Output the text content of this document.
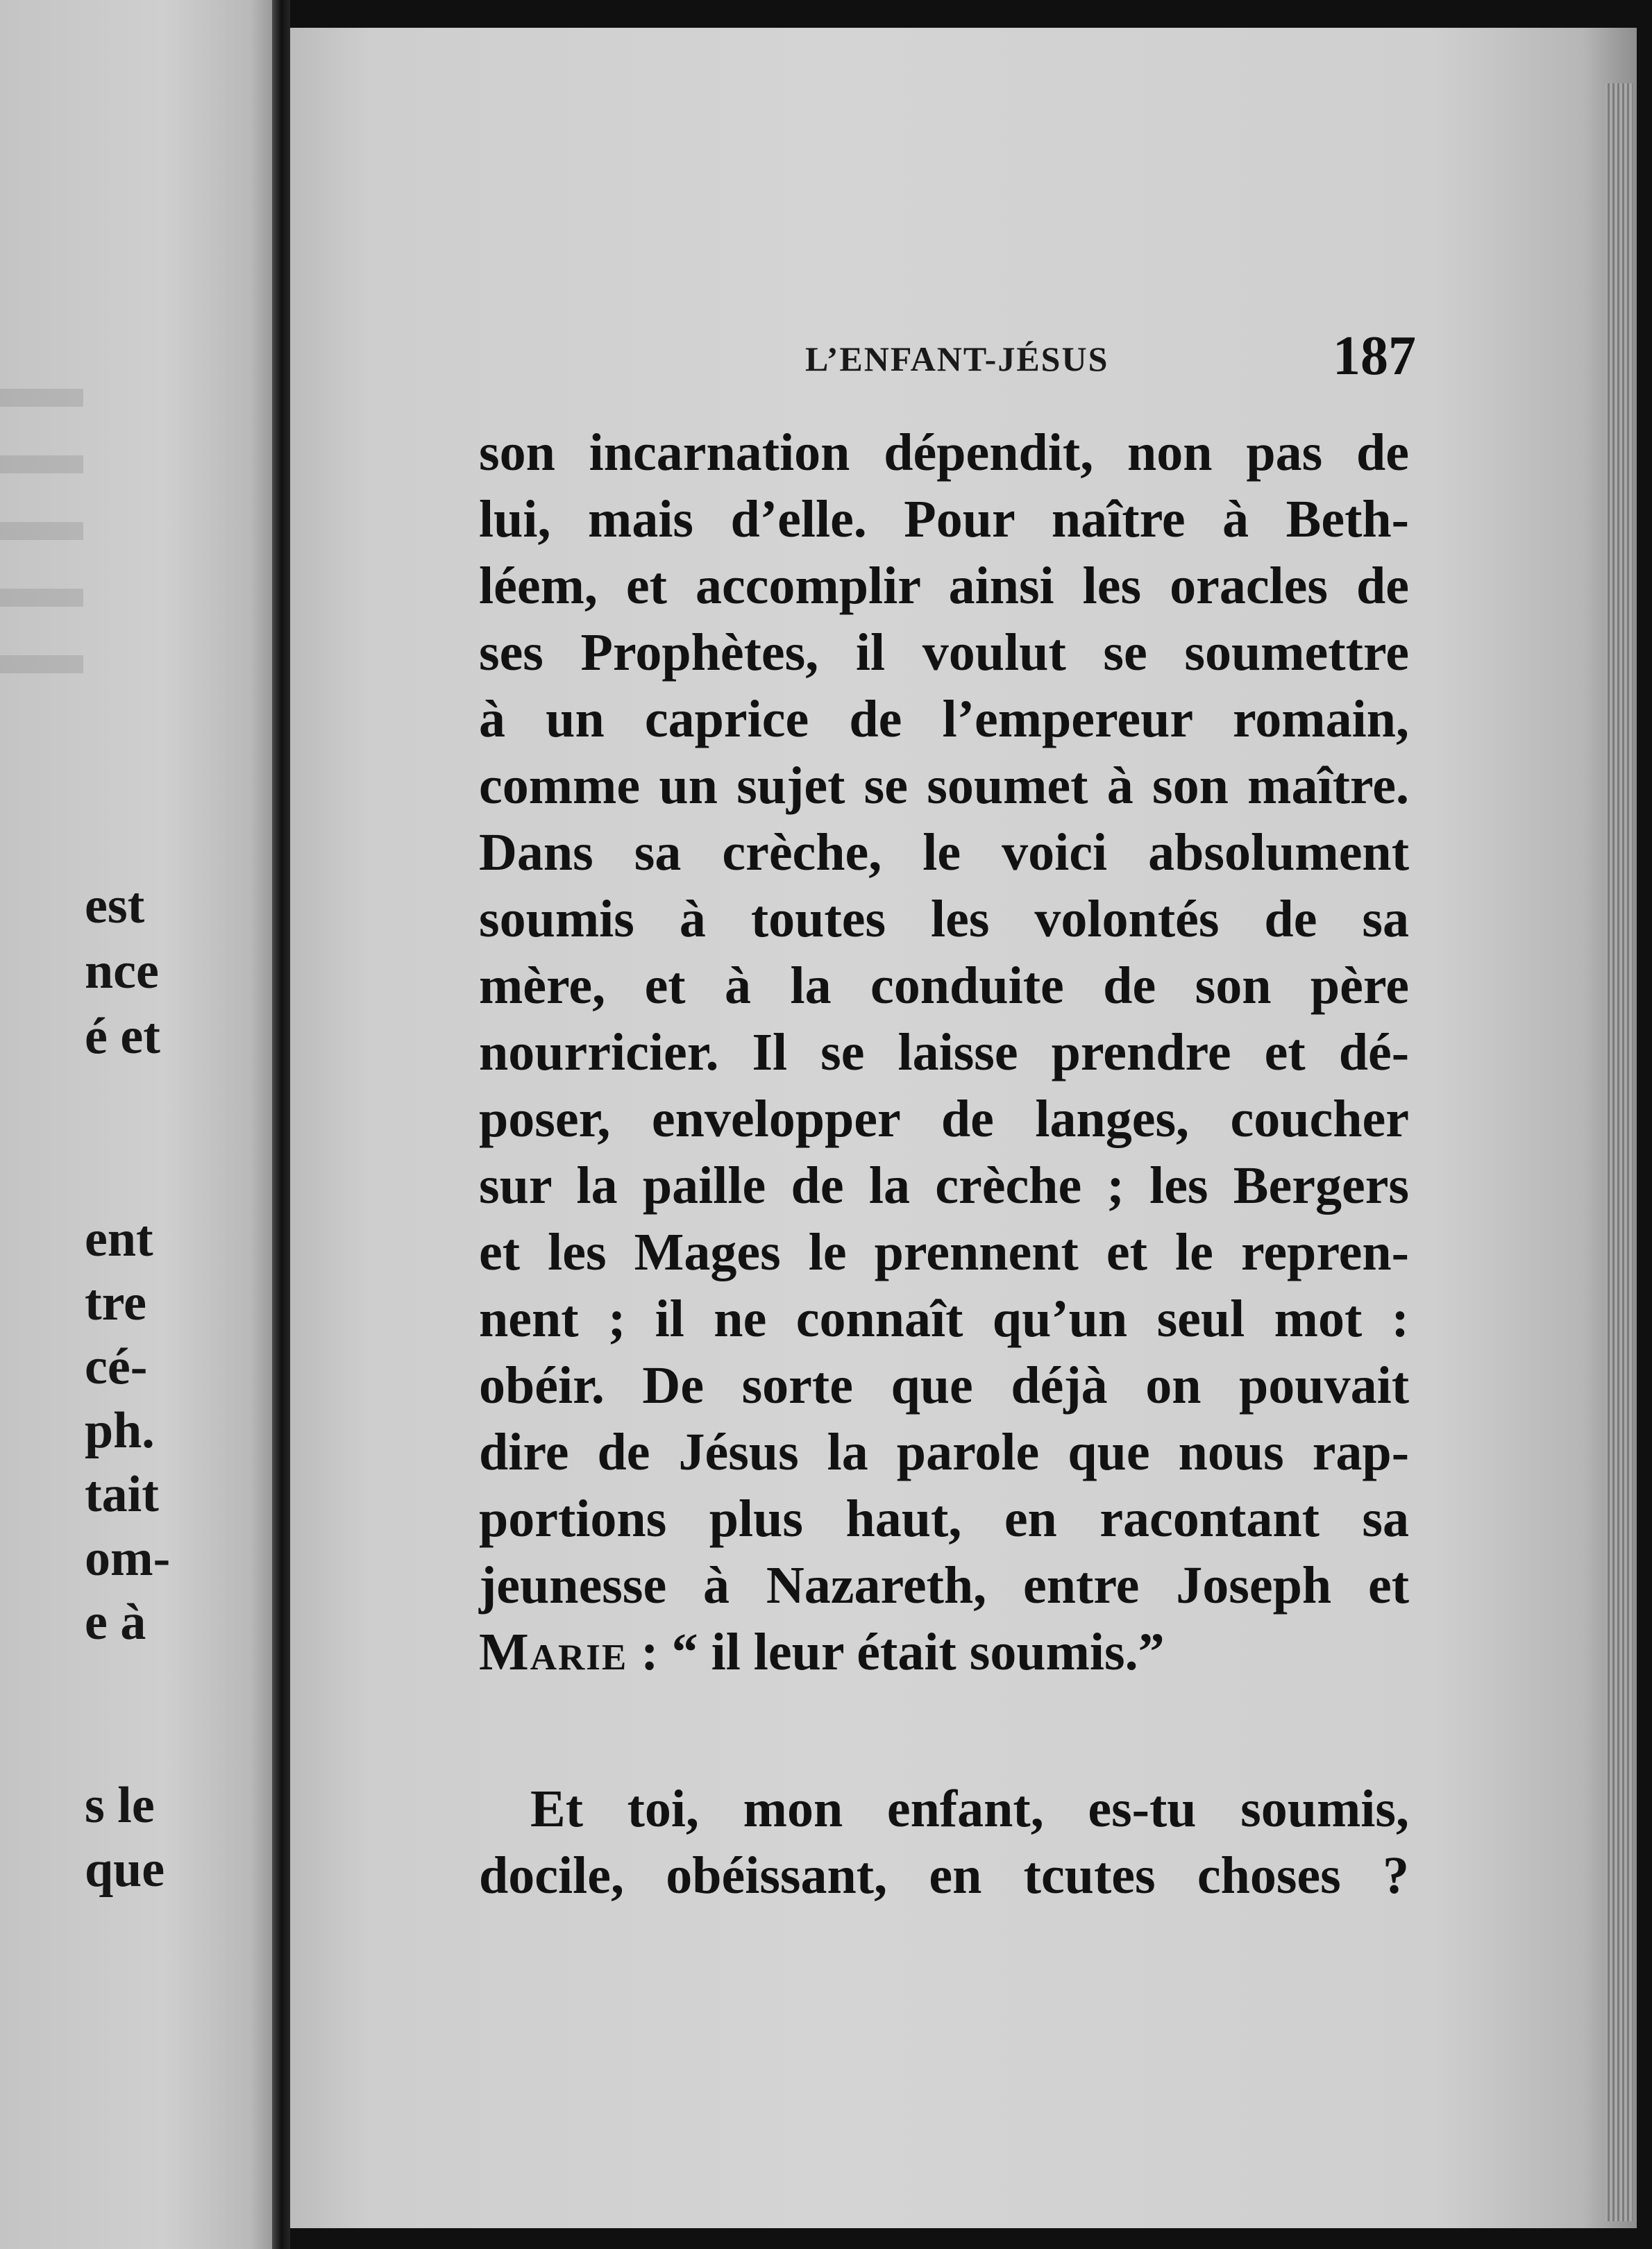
est
nce
é et
ent
tre
cé-
ph.
tait
om-
e à
s le
que
L’ENFANT-JÉSUS	187
son incarnation dépendit, non pas de
lui, mais d’elle. Pour naître à Beth-
léem, et accomplir ainsi les oracles de
ses Prophètes, il voulut se soumettre
à un caprice de l’empereur romain,
comme un sujet se soumet à son maître.
Dans sa crèche, le voici absolument
soumis à toutes les volontés de sa
mère, et à la conduite de son père
nourricier. Il se laisse prendre et dé-
poser, envelopper de langes, coucher
sur la paille de la crèche ; les Bergers
et les Mages le prennent et le repren-
nent ; il ne connaît qu’un seul mot :
obéir. De sorte que déjà on pouvait
dire de Jésus la parole que nous rap-
portions plus haut, en racontant sa
jeunesse à Nazareth, entre Joseph et
Marie : “ il leur était soumis.”
Et toi, mon enfant, es-tu soumis,
docile, obéissant, en tcutes choses ?
